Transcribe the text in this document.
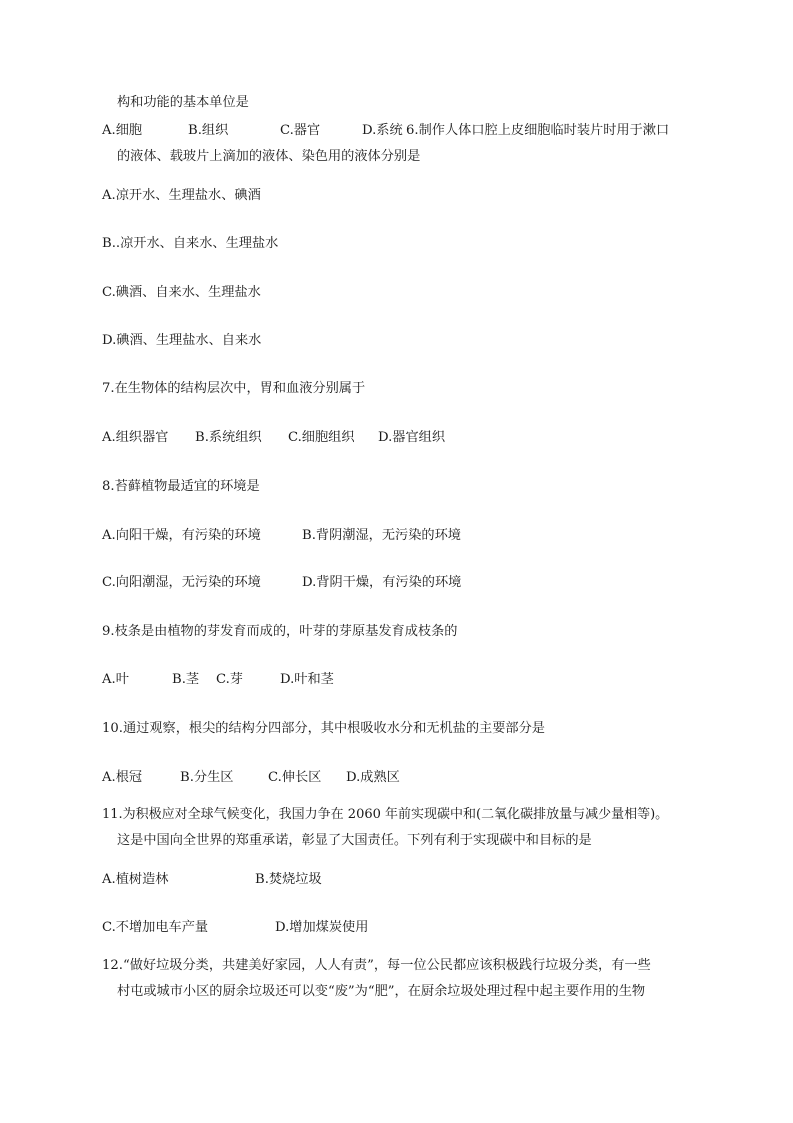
构和功能的基本单位是
A.细胞	B.组织	C.器官	D.系统 6.制作人体口腔上皮细胞临时装片时用于漱口
的液体、载玻片上滴加的液体、染色用的液体分别是
A.凉开水、生理盐水、碘酒
B..凉开水、自来水、生理盐水
C.碘酒、自来水、生理盐水
D.碘酒、生理盐水、自来水
7.在生物体的结构层次中，胃和血液分别属于
A.组织器官 B.系统组织 C.细胞组织 D.器官组织
8.苔藓植物最适宜的环境是
A.向阳干燥，有污染的环境	B.背阴潮湿，无污染的环境
C.向阳潮湿，无污染的环境	D.背阴干燥，有污染的环境
9.枝条是由植物的芽发育而成的，叶芽的芽原基发育成枝条的
A.叶	B.茎 C.芽	D.叶和茎
10.通过观察，根尖的结构分四部分，其中根吸收水分和无机盐的主要部分是
A.根冠	B.分生区	C.伸长区 D.成熟区
11.为积极应对全球气候变化，我国力争在 2060 年前实现碳中和(二氧化碳排放量与减少量相等)。
这是中国向全世界的郑重承诺，彰显了大国责任。下列有利于实现碳中和目标的是
A.植树造林	B.焚烧垃圾
C.不增加电车产量	D.增加煤炭使用
12.“做好垃圾分类，共建美好家园，人人有责”，每一位公民都应该积极践行垃圾分类，有一些
村屯或城市小区的厨余垃圾还可以变“废”为“肥”，在厨余垃圾处理过程中起主要作用的生物
